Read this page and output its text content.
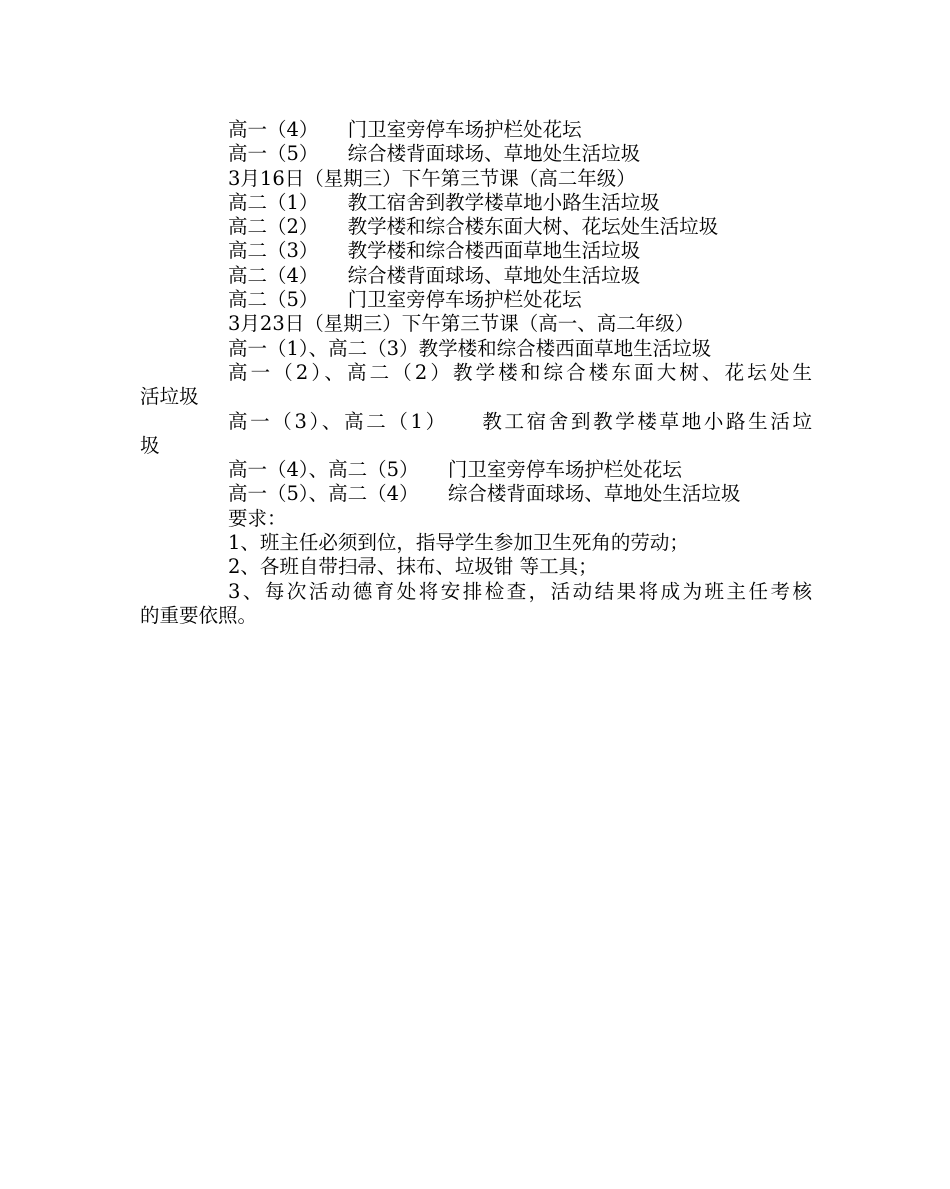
高一（4）　　门卫室旁停车场护栏处花坛
高一（5）　　综合楼背面球场、草地处生活垃圾
3月16日（星期三）下午第三节课（高二年级）
高二（1）　　教工宿舍到教学楼草地小路生活垃圾
高二（2）　　教学楼和综合楼东面大树、花坛处生活垃圾
高二（3）　　教学楼和综合楼西面草地生活垃圾
高二（4）　　综合楼背面球场、草地处生活垃圾
高二（5）　　门卫室旁停车场护栏处花坛
3月23日（星期三）下午第三节课（高一、高二年级）
高一（1）、高二（3）教学楼和综合楼西面草地生活垃圾
高一（2）、高二（2）教学楼和综合楼东面大树、花坛处生
活垃圾
高一（3）、高二（1）　　教工宿舍到教学楼草地小路生活垃
圾
高一（4）、高二（5）　　门卫室旁停车场护栏处花坛
高一（5）、高二（4）　　综合楼背面球场、草地处生活垃圾
要求：
1、班主任必须到位，指导学生参加卫生死角的劳动；
2、各班自带扫帚、抹布、垃圾钳 等工具；
3、每次活动德育处将安排检查，活动结果将成为班主任考核
的重要依照。
